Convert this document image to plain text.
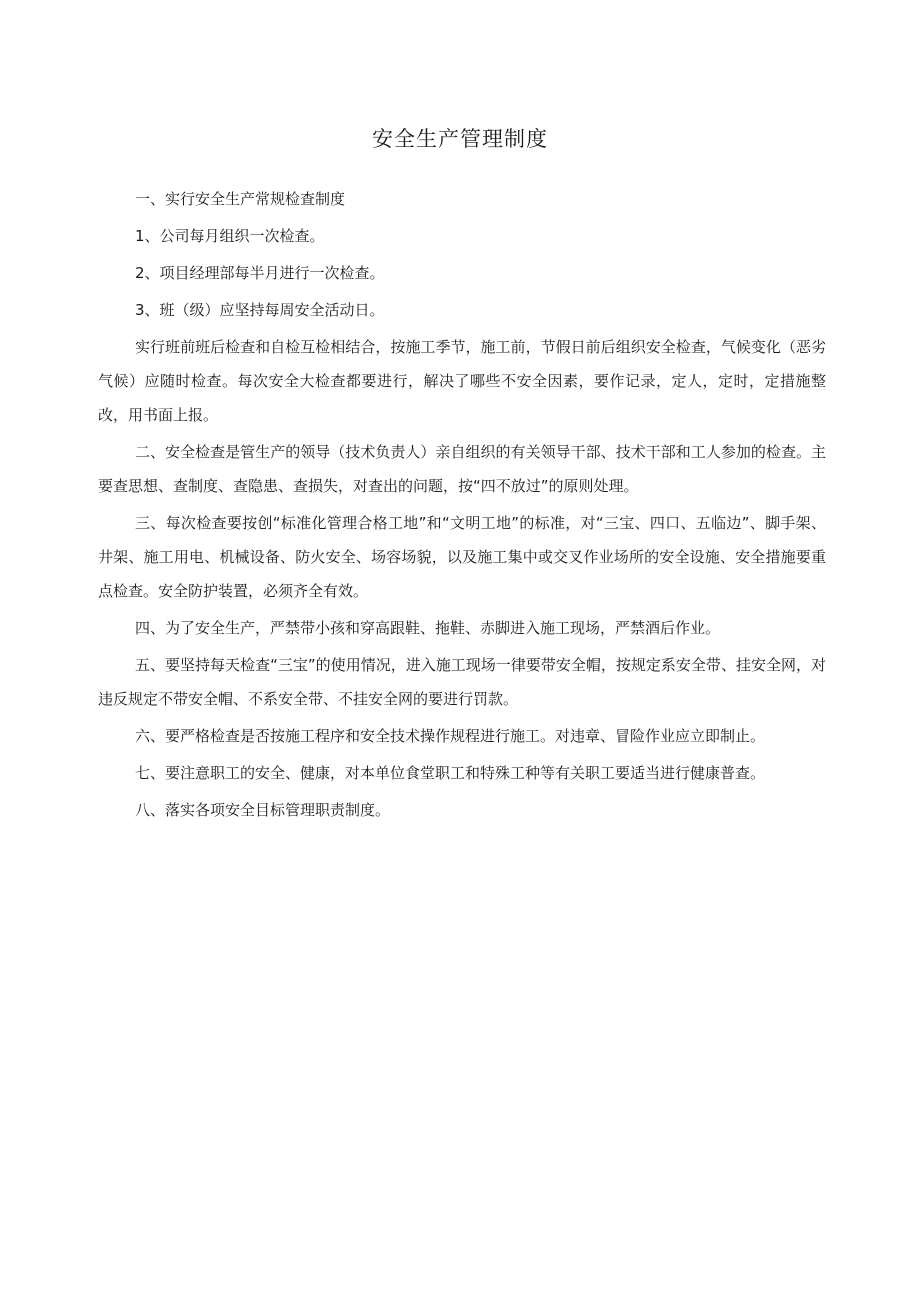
安全生产管理制度

一、实行安全生产常规检查制度

1、公司每月组织一次检查。

2、项目经理部每半月进行一次检查。

3、班（级）应坚持每周安全活动日。

实行班前班后检查和自检互检相结合，按施工季节，施工前，节假日前后组织安全检查，气候变化（恶劣气候）应随时检查。每次安全大检查都要进行，解决了哪些不安全因素，要作记录，定人，定时，定措施整改，用书面上报。

二、安全检查是管生产的领导（技术负责人）亲自组织的有关领导干部、技术干部和工人参加的检查。主要查思想、查制度、查隐患、查损失，对查出的问题，按“四不放过”的原则处理。

三、每次检查要按创“标准化管理合格工地”和“文明工地”的标准，对“三宝、四口、五临边”、脚手架、井架、施工用电、机械设备、防火安全、场容场貌，以及施工集中或交叉作业场所的安全设施、安全措施要重点检查。安全防护装置，必须齐全有效。

四、为了安全生产，严禁带小孩和穿高跟鞋、拖鞋、赤脚进入施工现场，严禁酒后作业。

五、要坚持每天检查“三宝”的使用情况，进入施工现场一律要带安全帽，按规定系安全带、挂安全网，对违反规定不带安全帽、不系安全带、不挂安全网的要进行罚款。

六、要严格检查是否按施工程序和安全技术操作规程进行施工。对违章、冒险作业应立即制止。

七、要注意职工的安全、健康，对本单位食堂职工和特殊工种等有关职工要适当进行健康普查。

八、落实各项安全目标管理职责制度。
